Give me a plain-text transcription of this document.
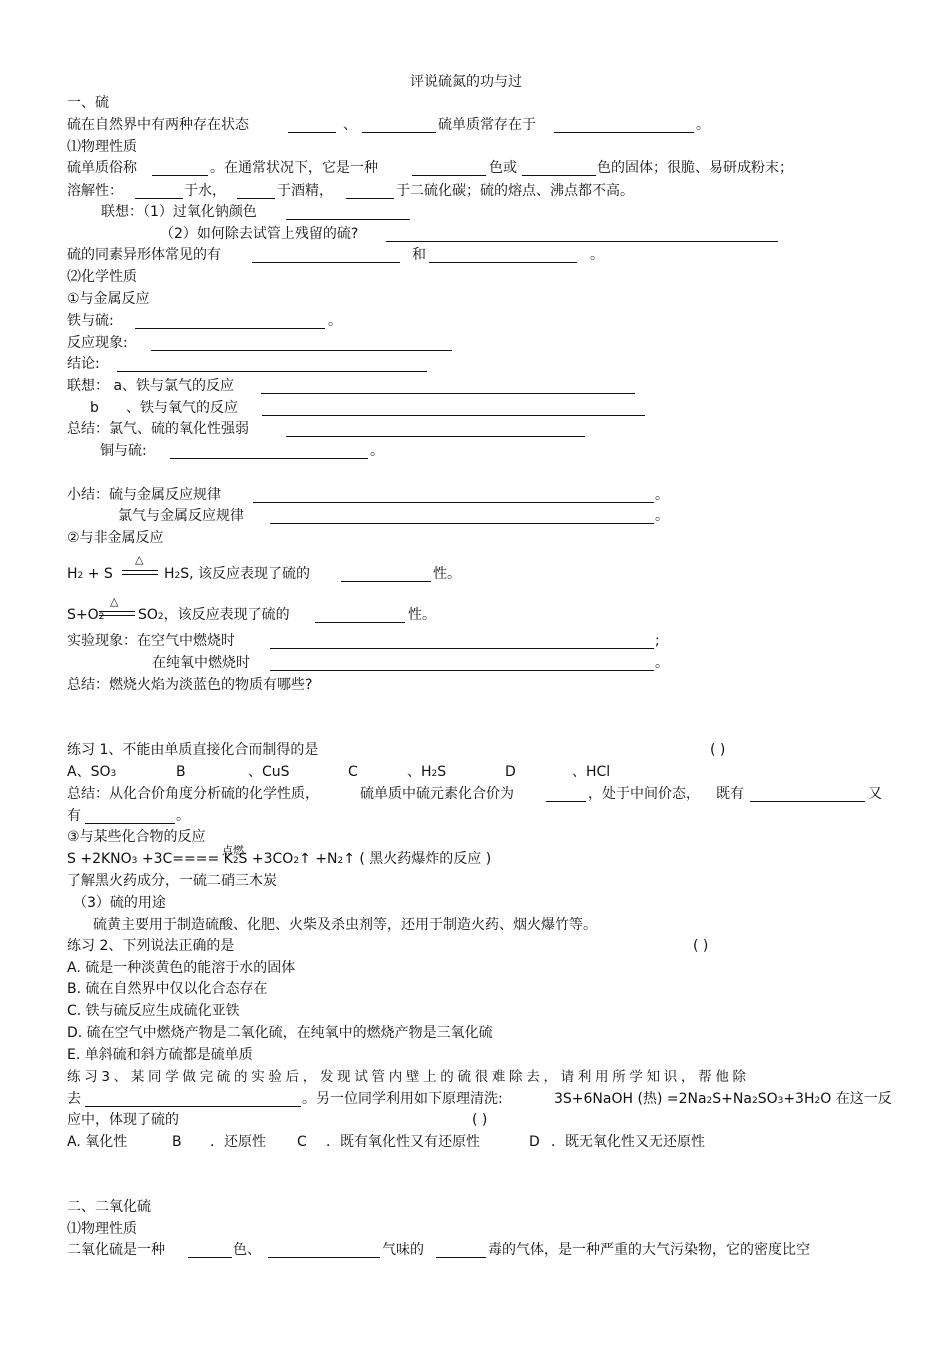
评说硫氮的功与过
一、硫
硫在自然界中有两种存在状态	、	硫单质常存在于	。
⑴物理性质
硫单质俗称	。在通常状况下，它是一种	色或	色的固体；很脆、易研成粉末；
溶解性：	于水，	于酒精，	于二硫化碳；硫的熔点、沸点都不高。
联想：（1）过氧化钠颜色
（2）如何除去试管上残留的硫?
硫的同素异形体常见的有	和	。
⑵化学性质
①与金属反应
铁与硫:	。
反应现象:
结论:
联想： a、铁与氯气的反应
b 、铁与氧气的反应
总结：氯气、硫的氧化性强弱
铜与硫:	。
小结：硫与金属反应规律	。
氯气与金属反应规律	。
②与非金属反应
H2 + S
△
H2S, 该反应表现了硫的	性。
S+O2
△
SO2，该反应表现了硫的	性。
实验现象：在空气中燃烧时	;
在纯氧中燃烧时	。
总结：燃烧火焰为淡蓝色的物质有哪些?
练习 1、不能由单质直接化合而制得的是	( )
A、SO3	B	、CuS	C	、H2S	D	、HCl
总结：从化合价角度分析硫的化学性质，	硫单质中硫元素化合价为	，处于中间价态， 既有	又
有	。
③与某些化合物的反应
点燃
S +2KNO3 +3C==== K2S +3CO2↑ +N2↑ ( 黑火药爆炸的反应 )
了解黑火药成分，一硫二硝三木炭
（3）硫的用途
硫黄主要用于制造硫酸、化肥、火柴及杀虫剂等，还用于制造火药、烟火爆竹等。
练习 2、下列说法正确的是	( )
A. 硫是一种淡黄色的能溶于水的固体
B. 硫在自然界中仅以化合态存在
C. 铁与硫反应生成硫化亚铁
D. 硫在空气中燃烧产物是二氧化硫，在纯氧中的燃烧产物是三氧化硫
E. 单斜硫和斜方硫都是硫单质
练 习 3 、 某 同 学 做 完 硫 的 实 验 后 ， 发 现 试 管 内 壁 上 的 硫 很 难 除 去 ， 请 利 用 所 学 知 识 ， 帮 他 除
去	。另一位同学利用如下原理清洗:	3S+6NaOH (热) =2Na2S+Na2SO3+3H2O 在这一反
应中，体现了硫的	( )
A. 氧化性	B ．还原性 C ．既有氧化性又有还原性	D ．既无氧化性又无还原性
二、二氧化硫
⑴物理性质
二氧化硫是一种	色、	气味的	毒的气体，是一种严重的大气污染物，它的密度比空
